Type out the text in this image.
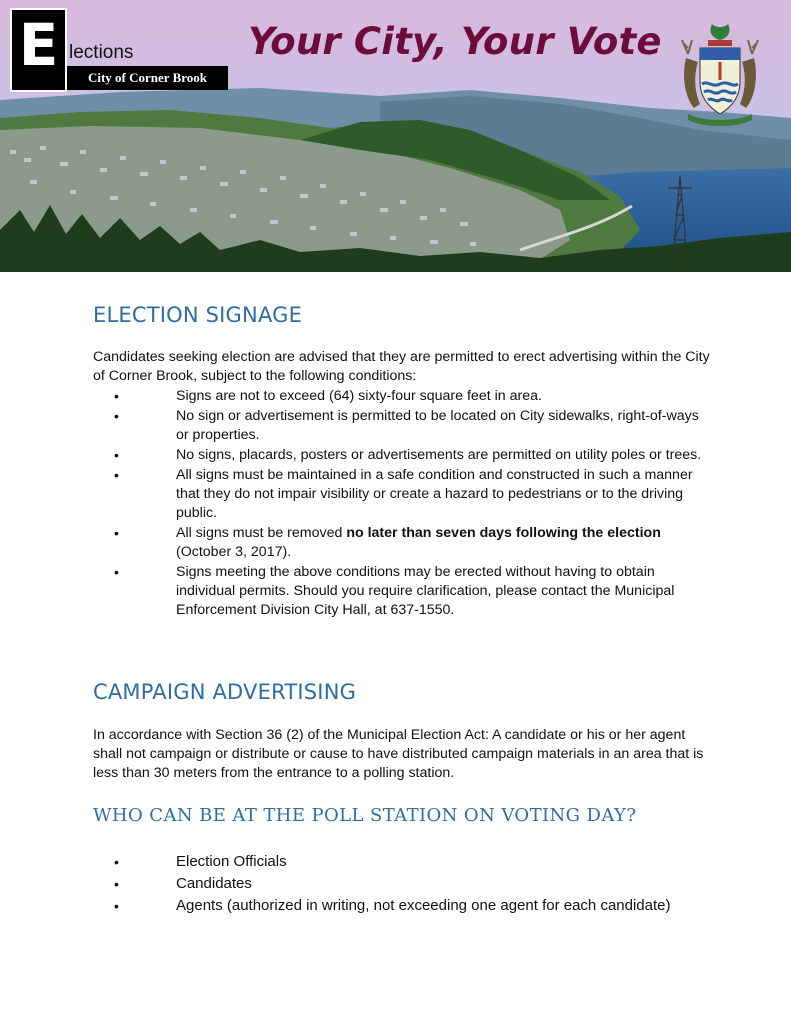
E lections
City of Corner Brook
Your City, Your Vote
ELECTION SIGNAGE
Candidates seeking election are advised that they are permitted to erect advertising within the City of Corner Brook, subject to the following conditions:
•	Signs are not to exceed (64) sixty-four square feet in area.
•	No sign or advertisement is permitted to be located on City sidewalks, right-of-ways or properties.
•	No signs, placards, posters or advertisements are permitted on utility poles or trees.
•	All signs must be maintained in a safe condition and constructed in such a manner that they do not impair visibility or create a hazard to pedestrians or to the driving public.
•	All signs must be removed no later than seven days following the election (October 3, 2017).
•	Signs meeting the above conditions may be erected without having to obtain individual permits. Should you require clarification, please contact the Municipal Enforcement Division City Hall, at 637-1550.
CAMPAIGN ADVERTISING
In accordance with Section 36 (2) of the Municipal Election Act: A candidate or his or her agent shall not campaign or distribute or cause to have distributed campaign materials in an area that is less than 30 meters from the entrance to a polling station.
WHO CAN BE AT THE POLL STATION ON VOTING DAY?
•	Election Officials
•	Candidates
•	Agents (authorized in writing, not exceeding one agent for each candidate)
